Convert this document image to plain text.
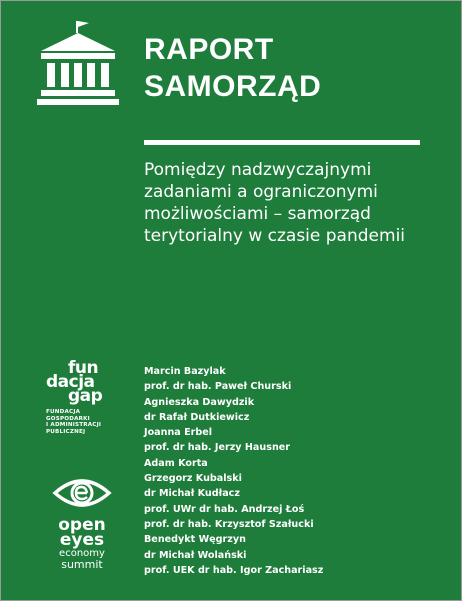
RAPORT
SAMORZĄD
Pomiędzy nadzwyczajnymi
zadaniami a ograniczonymi
możliwościami – samorząd
terytorialny w czasie pandemii
fun
dacja
gap
FUNDACJA
GOSPODARKI
I ADMINISTRACJI
PUBLICZNEJ
open
eyes
economy
summit
Marcin Bazylak
prof. dr hab. Paweł Churski
Agnieszka Dawydzik
dr Rafał Dutkiewicz
Joanna Erbel
prof. dr hab. Jerzy Hausner
Adam Korta
Grzegorz Kubalski
dr Michał Kudłacz
prof. UWr dr hab. Andrzej Łoś
prof. dr hab. Krzysztof Szałucki
Benedykt Węgrzyn
dr Michał Wolański
prof. UEK dr hab. Igor Zachariasz
